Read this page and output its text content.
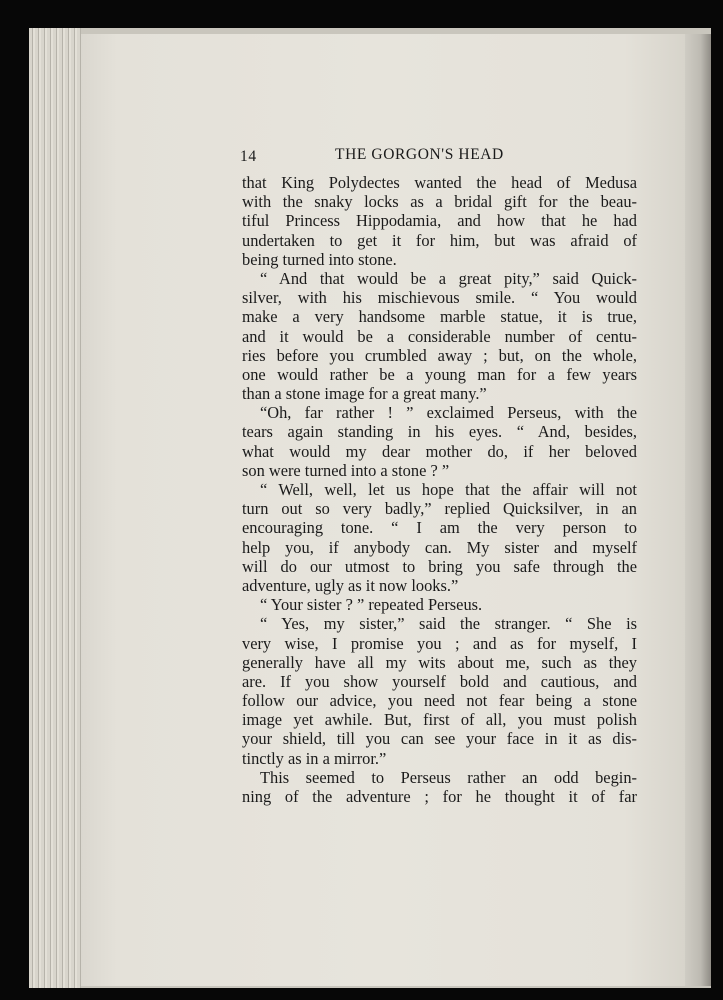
14	THE GORGON'S HEAD
that King Polydectes wanted the head of Medusa
with the snaky locks as a bridal gift for the beau-
tiful Princess Hippodamia, and how that he had
undertaken to get it for him, but was afraid of
being turned into stone.
“ And that would be a great pity,” said Quick-
silver, with his mischievous smile. “ You would
make a very handsome marble statue, it is true,
and it would be a considerable number of centu-
ries before you crumbled away ; but, on the whole,
one would rather be a young man for a few years
than a stone image for a great many.”
“Oh, far rather ! ” exclaimed Perseus, with the
tears again standing in his eyes. “ And, besides,
what would my dear mother do, if her beloved
son were turned into a stone ? ”
“ Well, well, let us hope that the affair will not
turn out so very badly,” replied Quicksilver, in an
encouraging tone. “ I am the very person to
help you, if anybody can. My sister and myself
will do our utmost to bring you safe through the
adventure, ugly as it now looks.”
“ Your sister ? ” repeated Perseus.
“ Yes, my sister,” said the stranger. “ She is
very wise, I promise you ; and as for myself, I
generally have all my wits about me, such as they
are. If you show yourself bold and cautious, and
follow our advice, you need not fear being a stone
image yet awhile. But, first of all, you must polish
your shield, till you can see your face in it as dis-
tinctly as in a mirror.”
This seemed to Perseus rather an odd begin-
ning of the adventure ; for he thought it of far
